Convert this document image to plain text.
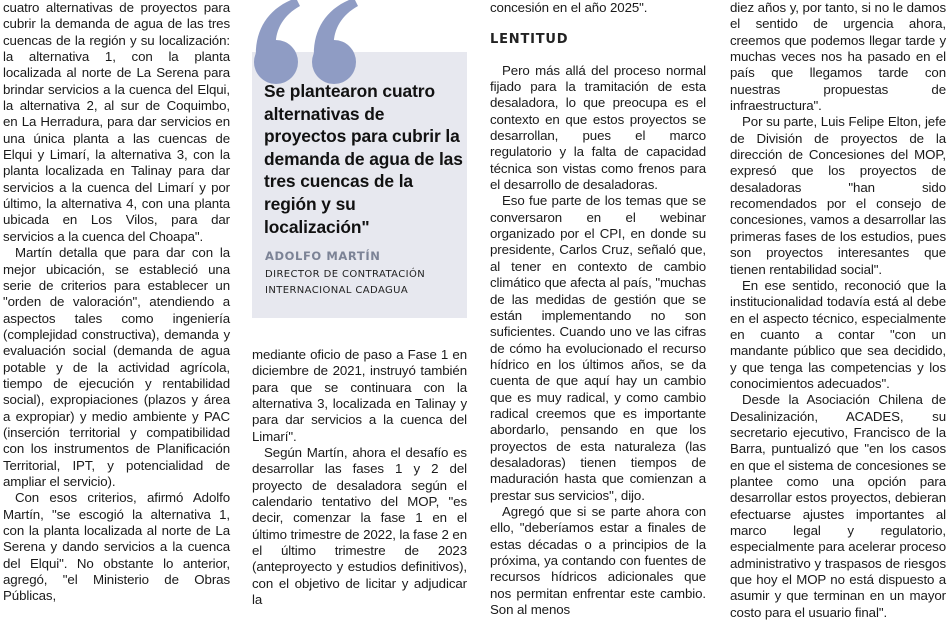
cuatro alternativas de proyectos para cubrir la demanda de agua de las tres cuencas de la región y su localización: la alternativa 1, con la planta localizada al norte de La Serena para brindar servicios a la cuenca del Elqui, la alternativa 2, al sur de Coquimbo, en La Herradura, para dar servicios en una única planta a las cuencas de Elqui y Limarí, la alternativa 3, con la planta localizada en Talinay para dar servicios a la cuenca del Limarí y por último, la alternativa 4, con una planta ubicada en Los Vilos, para dar servicios a la cuenca del Choapa".

Martín detalla que para dar con la mejor ubicación, se estableció una serie de criterios para establecer un "orden de valoración", atendiendo a aspectos tales como ingeniería (complejidad constructiva), demanda y evaluación social (demanda de agua potable y de la actividad agrícola, tiempo de ejecución y rentabilidad social), expropiaciones (plazos y área a expropiar) y medio ambiente y PAC (inserción territorial y compatibilidad con los instrumentos de Planificación Territorial, IPT, y potencialidad de ampliar el servicio).

Con esos criterios, afirmó Adolfo Martín, "se escogió la alternativa 1, con la planta localizada al norte de La Serena y dando servicios a la cuenca del Elqui". No obstante lo anterior, agregó, "el Ministerio de Obras Públicas,

Se plantearon cuatro alternativas de proyectos para cubrir la demanda de agua de las tres cuencas de la región y su localización"
ADOLFO MARTÍN
DIRECTOR DE CONTRATACIÓN INTERNACIONAL CADAGUA

mediante oficio de paso a Fase 1 en diciembre de 2021, instruyó también para que se continuara con la alternativa 3, localizada en Talinay y para dar servicios a la cuenca del Limarí".

Según Martín, ahora el desafío es desarrollar las fases 1 y 2 del proyecto de desaladora según el calendario tentativo del MOP, "es decir, comenzar la fase 1 en el último trimestre de 2022, la fase 2 en el último trimestre de 2023 (anteproyecto y estudios definitivos), con el objetivo de licitar y adjudicar la

concesión en el año 2025".

LENTITUD

Pero más allá del proceso normal fijado para la tramitación de esta desaladora, lo que preocupa es el contexto en que estos proyectos se desarrollan, pues el marco regulatorio y la falta de capacidad técnica son vistas como frenos para el desarrollo de desaladoras.

Eso fue parte de los temas que se conversaron en el webinar organizado por el CPI, en donde su presidente, Carlos Cruz, señaló que, al tener en contexto de cambio climático que afecta al país, "muchas de las medidas de gestión que se están implementando no son suficientes. Cuando uno ve las cifras de cómo ha evolucionado el recurso hídrico en los últimos años, se da cuenta de que aquí hay un cambio que es muy radical, y como cambio radical creemos que es importante abordarlo, pensando en que los proyectos de esta naturaleza (las desaladoras) tienen tiempos de maduración hasta que comienzan a prestar sus servicios", dijo.

Agregó que si se parte ahora con ello, "deberíamos estar a finales de estas décadas o a principios de la próxima, ya contando con fuentes de recursos hídricos adicionales que nos permitan enfrentar este cambio. Son al menos

diez años y, por tanto, si no le damos el sentido de urgencia ahora, creemos que podemos llegar tarde y muchas veces nos ha pasado en el país que llegamos tarde con nuestras propuestas de infraestructura".

Por su parte, Luis Felipe Elton, jefe de División de proyectos de la dirección de Concesiones del MOP, expresó que los proyectos de desaladoras "han sido recomendados por el consejo de concesiones, vamos a desarrollar las primeras fases de los estudios, pues son proyectos interesantes que tienen rentabilidad social".

En ese sentido, reconoció que la institucionalidad todavía está al debe en el aspecto técnico, especialmente en cuanto a contar "con un mandante público que sea decidido, y que tenga las competencias y los conocimientos adecuados".

Desde la Asociación Chilena de Desalinización, ACADES, su secretario ejecutivo, Francisco de la Barra, puntualizó que "en los casos en que el sistema de concesiones se plantee como una opción para desarrollar estos proyectos, debieran efectuarse ajustes importantes al marco legal y regulatorio, especialmente para acelerar proceso administrativo y traspasos de riesgos que hoy el MOP no está dispuesto a asumir y que terminan en un mayor costo para el usuario final".
